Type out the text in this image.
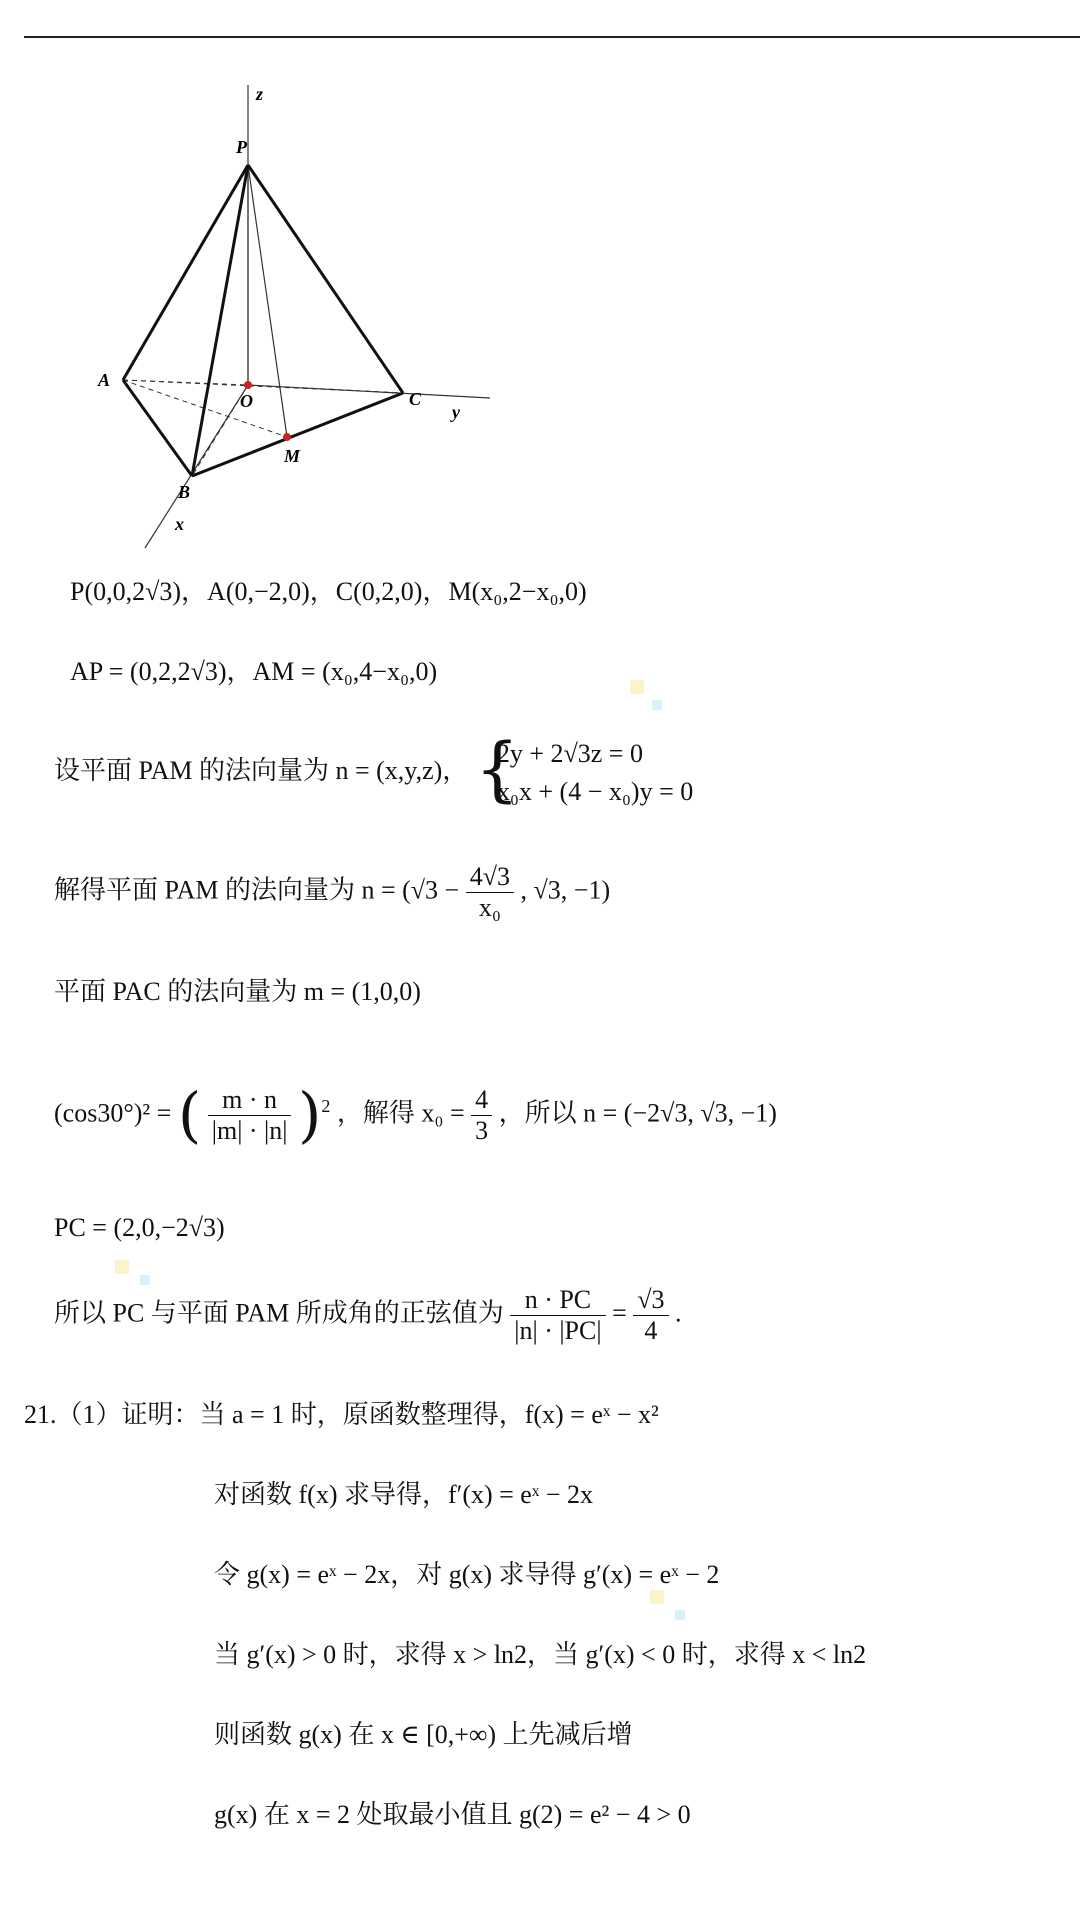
z
P
A
O	C
y
M
B
x
P(0,0,2√3)，A(0,−2,0)，C(0,2,0)，M(x₀,2−x₀,0)
AP = (0,2,2√3)，AM = (x₀,4−x₀,0)
设平面 PAM 的法向量为 n = (x,y,z)， {
2y + 2√3z = 0
x₀x + (4 − x₀)y = 0
解得平面 PAM 的法向量为 $n = (√3 - \frac{4√3}{\text{x₀}}$ , √3, −1)
平面 PAC 的法向量为 m = (1,0,0)
(cos30°)² = ( $\frac{m \cdot n}{|m| \cdot |n|} )^2$ ，解得 $x_0 = \frac{4}{3}$ ，所以 n = (−2√3, √3, −1)
PC = (2,0,−2√3)
所以 PC 与平面 PAM 所成角的正弦值为 $\frac{n \cdot PC}{|n| \cdot |PC|} = \frac{√3}{4}$ .
21.（1）证明：当 a = 1 时，原函数整理得，f(x) = eˣ − x²
对函数 f(x) 求导得，f′(x) = eˣ − 2x
令 g(x) = eˣ − 2x，对 g(x) 求导得 g′(x) = eˣ − 2
当 g′(x) > 0 时，求得 x > ln2，当 g′(x) < 0 时，求得 x < ln2
则函数 g(x) 在 x ∈ [0,+∞) 上先减后增
g(x) 在 x = 2 处取最小值且 g(2) = e² − 4 > 0
